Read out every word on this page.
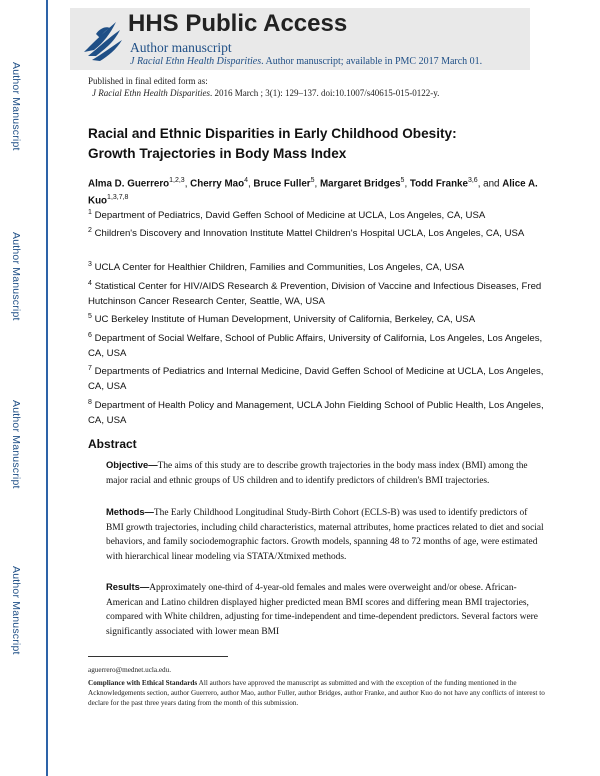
Author Manuscript
Author Manuscript
Author Manuscript
Author Manuscript
HHS Public Access
Author manuscript
J Racial Ethn Health Disparities. Author manuscript; available in PMC 2017 March 01.
Published in final edited form as:
J Racial Ethn Health Disparities. 2016 March ; 3(1): 129–137. doi:10.1007/s40615-015-0122-y.
Racial and Ethnic Disparities in Early Childhood Obesity:
Growth Trajectories in Body Mass Index
Alma D. Guerrero$^{1,2,3}$, Cherry Mao$^4$, Bruce Fuller$^5$, Margaret Bridges$^5$, Todd Franke$^{3,6}$, and Alice A. Kuo$^{1,3,7,8}$
$^1$ Department of Pediatrics, David Geffen School of Medicine at UCLA, Los Angeles, CA, USA
$^2$ Children's Discovery and Innovation Institute Mattel Children's Hospital UCLA, Los Angeles, CA, USA
$^3$ UCLA Center for Healthier Children, Families and Communities, Los Angeles, CA, USA
$^4$ Statistical Center for HIV/AIDS Research & Prevention, Division of Vaccine and Infectious Diseases, Fred Hutchinson Cancer Research Center, Seattle, WA, USA
$^5$ UC Berkeley Institute of Human Development, University of California, Berkeley, CA, USA
$^6$ Department of Social Welfare, School of Public Affairs, University of California, Los Angeles, Los Angeles, CA, USA
$^7$ Departments of Pediatrics and Internal Medicine, David Geffen School of Medicine at UCLA, Los Angeles, CA, USA
$^8$ Department of Health Policy and Management, UCLA John Fielding School of Public Health, Los Angeles, CA, USA
Abstract
Objective—The aims of this study are to describe growth trajectories in the body mass index (BMI) among the major racial and ethnic groups of US children and to identify predictors of children's BMI trajectories.
Methods—The Early Childhood Longitudinal Study-Birth Cohort (ECLS-B) was used to identify predictors of BMI growth trajectories, including child characteristics, maternal attributes, home practices related to diet and social behaviors, and family sociodemographic factors. Growth models, spanning 48 to 72 months of age, were estimated with hierarchical linear modeling via STATA/Xtmixed methods.
Results—Approximately one-third of 4-year-old females and males were overweight and/or obese. African-American and Latino children displayed higher predicted mean BMI scores and differing mean BMI trajectories, compared with White children, adjusting for time-independent and time-dependent predictors. Several factors were significantly associated with lower mean BMI
aguerrero@mednet.ucla.edu.
Compliance with Ethical Standards All authors have approved the manuscript as submitted and with the exception of the funding mentioned in the Acknowledgements section, author Guerrero, author Mao, author Fuller, author Bridges, author Franke, and author Kuo do not have any conflicts of interest to declare for the past three years dating from the month of this submission.
